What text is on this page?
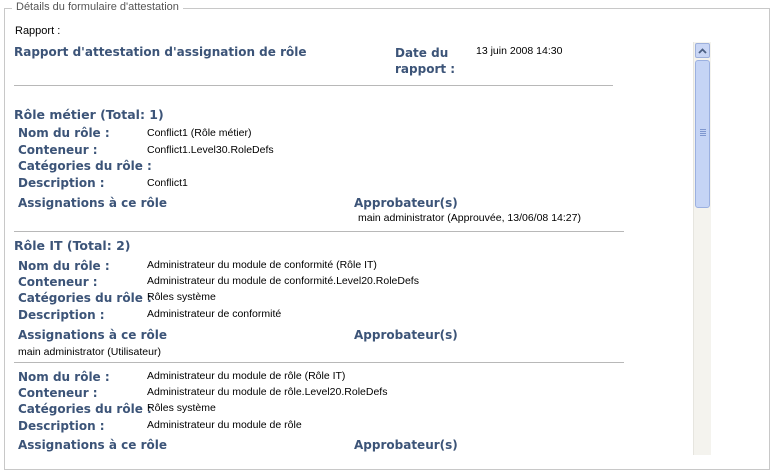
Détails du formulaire d'attestation
Rapport :
Rapport d'attestation d'assignation de rôle	Date du
rapport :
13 juin 2008 14:30
Rôle métier (Total: 1)
Nom du rôle :	Conflict1 (Rôle métier)
Conteneur :	Conflict1.Level30.RoleDefs
Catégories du rôle :
Description :	Conflict1
Assignations à ce rôle	Approbateur(s)
main administrator (Approuvée, 13/06/08 14:27)
Rôle IT (Total: 2)
Nom du rôle :	Administrateur du module de conformité (Rôle IT)
Conteneur :	Administrateur du module de conformité.Level20.RoleDefs
Catégories du rôle :
Rôles système
Description :	Administrateur de conformité
Assignations à ce rôle	Approbateur(s)
main administrator (Utilisateur)
Nom du rôle :	Administrateur du module de rôle (Rôle IT)
Conteneur :	Administrateur du module de rôle.Level20.RoleDefs
Catégories du rôle :
Rôles système
Description :	Administrateur du module de rôle
Assignations à ce rôle	Approbateur(s)
